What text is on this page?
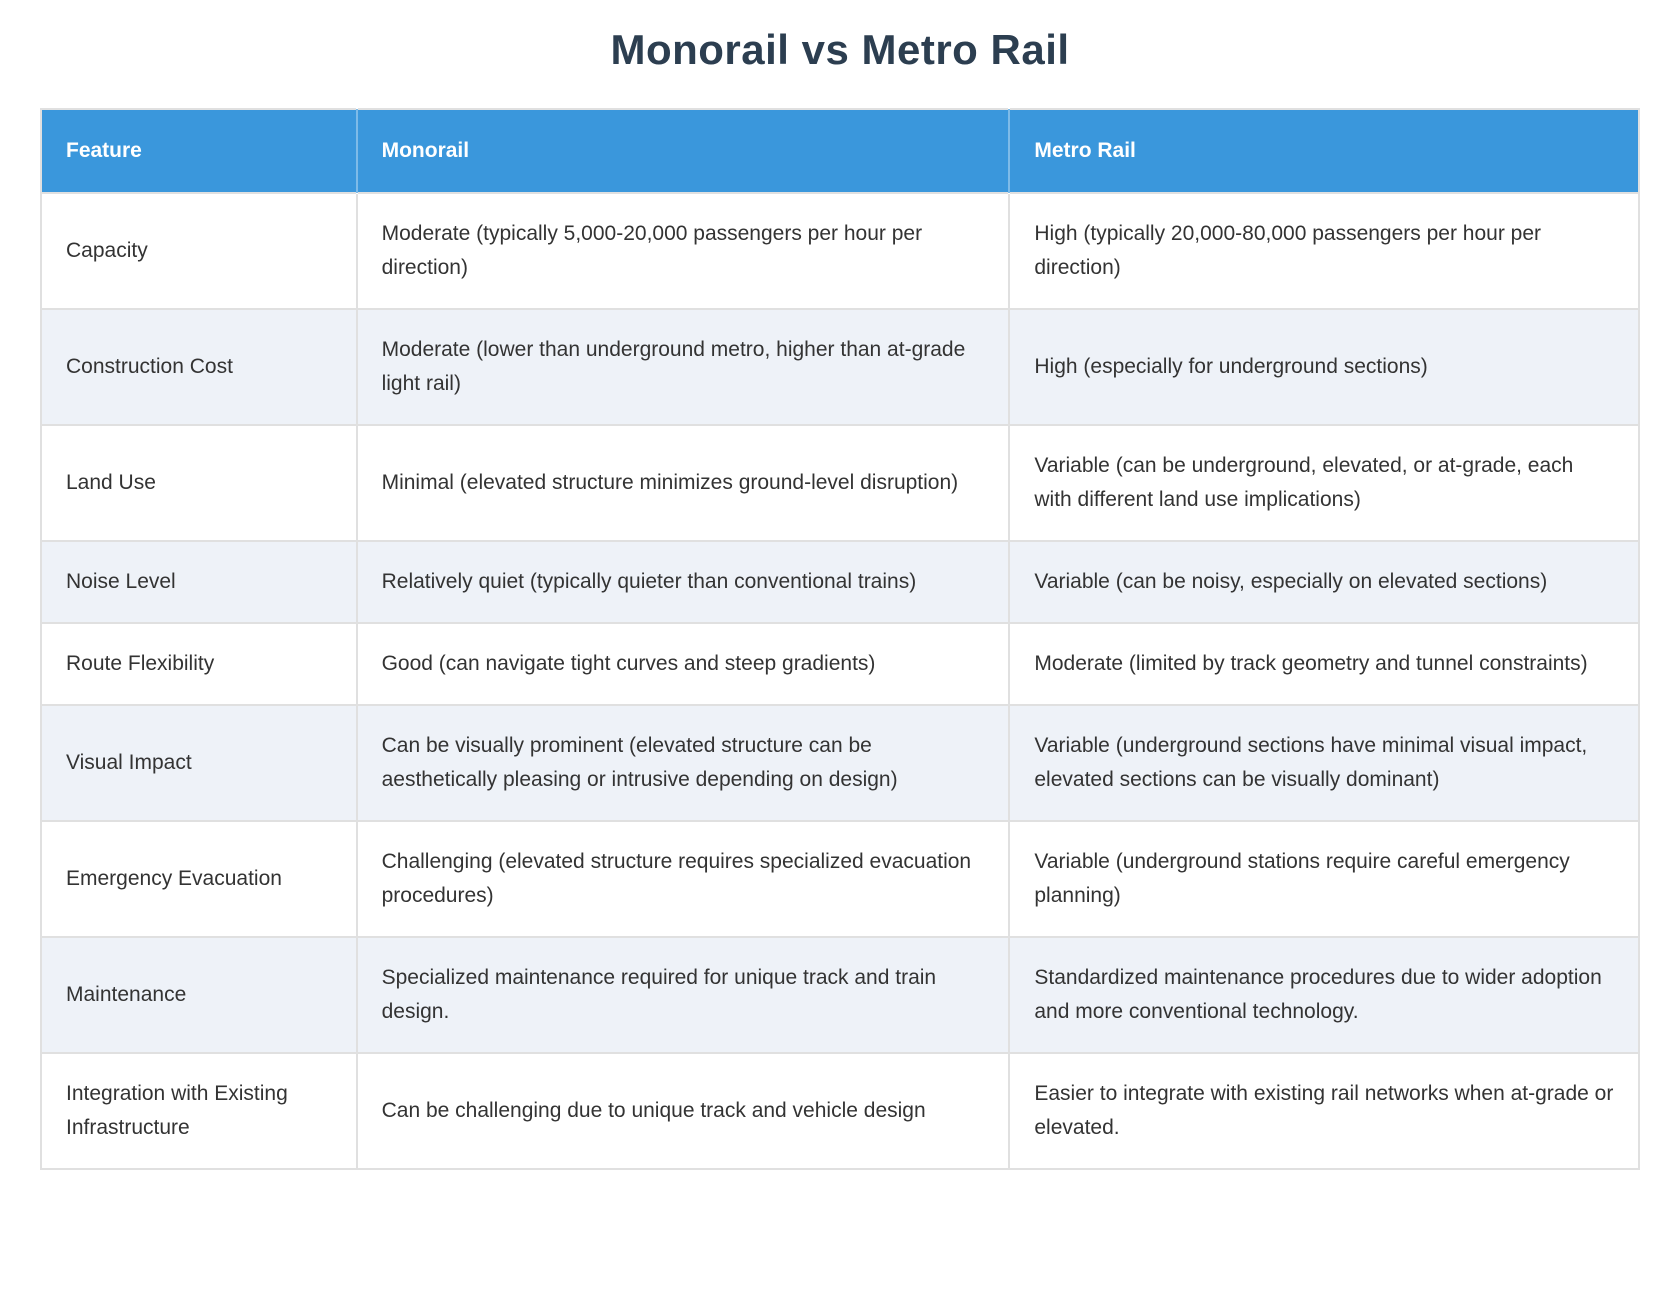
Monorail vs Metro Rail
Feature	Monorail	Metro Rail
Capacity	Moderate (typically 5,000-20,000 passengers per hour per direction)	High (typically 20,000-80,000 passengers per hour per direction)
Construction Cost	Moderate (lower than underground metro, higher than at-grade light rail)	High (especially for underground sections)
Land Use	Minimal (elevated structure minimizes ground-level disruption)	Variable (can be underground, elevated, or at-grade, each with different land use implications)
Noise Level	Relatively quiet (typically quieter than conventional trains)	Variable (can be noisy, especially on elevated sections)
Route Flexibility	Good (can navigate tight curves and steep gradients)	Moderate (limited by track geometry and tunnel constraints)
Visual Impact	Can be visually prominent (elevated structure can be aesthetically pleasing or intrusive depending on design)	Variable (underground sections have minimal visual impact, elevated sections can be visually dominant)
Emergency Evacuation	Challenging (elevated structure requires specialized evacuation procedures)	Variable (underground stations require careful emergency planning)
Maintenance	Specialized maintenance required for unique track and train design.	Standardized maintenance procedures due to wider adoption and more conventional technology.
Integration with Existing Infrastructure	Can be challenging due to unique track and vehicle design	Easier to integrate with existing rail networks when at-grade or elevated.
